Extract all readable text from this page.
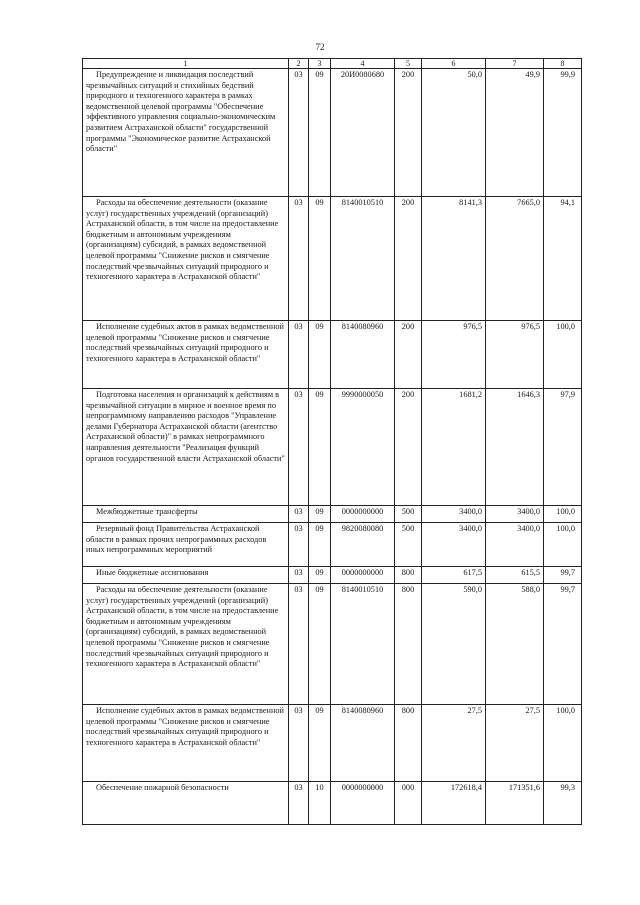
72
1	2	3	4	5	6	7	8
Предупреждение и ликвидация последствий чрезвычайных ситуаций и стихийных бедствий природного и техногенного характера в рамках ведомственной целевой программы "Обеспечение эффективного управления социально-экономическим развитием Астраханской области" государственной программы "Экономическое развитие Астраханской области"	03	09	20И0080680	200	50,0	49,9	99,9
Расходы на обеспечение деятельности (оказание услуг) государственных учреждений (организаций) Астраханской области, в том числе на предоставление бюджетным и автономным учреждениям (организациям) субсидий, в рамках ведомственной целевой программы "Снижение рисков и смягчение последствий чрезвычайных ситуаций природного и техногенного характера в Астраханской области"	03	09	8140010510	200	8141,3	7665,0	94,1
Исполнение судебных актов в рамках ведомственной целевой программы "Снижение рисков и смягчение последствий чрезвычайных ситуаций природного и техногенного характера в Астраханской области"	03	09	8140080960	200	976,5	976,5	100,0
Подготовка населения и организаций к действиям в чрезвычайной ситуации в мирное и военное время по непрограммному направлению расходов "Управление делами Губернатора Астраханской области (агентство Астраханской области)" в рамках непрограммного направления деятельности "Реализация функций органов государственной власти Астраханской области"	03	09	9990000050	200	1681,2	1646,3	97,9
Межбюджетные трансферты	03	09	0000000000	500	3400,0	3400,0	100,0
Резервный фонд Правительства Астраханской области в рамках прочих непрограммных расходов иных непрограммных мероприятий	03	09	9820080080	500	3400,0	3400,0	100,0
Иные бюджетные ассигнования	03	09	0000000000	800	617,5	615,5	99,7
Расходы на обеспечение деятельности (оказание услуг) государственных учреждений (организаций) Астраханской области, в том числе на предоставление бюджетным и автономным учреждениям (организациям) субсидий, в рамках ведомственной целевой программы "Снижение рисков и смягчение последствий чрезвычайных ситуаций природного и техногенного характера в Астраханской области"	03	09	8140010510	800	590,0	588,0	99,7
Исполнение судебных актов в рамках ведомственной целевой программы "Снижение рисков и смягчение последствий чрезвычайных ситуаций природного и техногенного характера в Астраханской области"	03	09	8140080960	800	27,5	27,5	100,0
Обеспечение пожарной безопасности	03	10	0000000000	000	172618,4	171351,6	99,3
